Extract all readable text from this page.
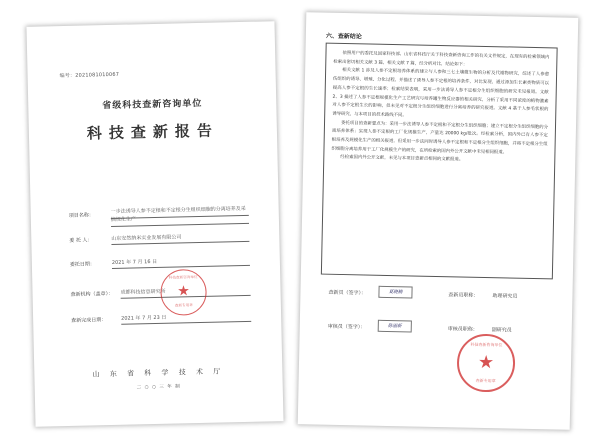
编号：2021081010067
省级科技查新咨询单位
科技查新报告
项目名称：
一步法诱导人参不定根和不定根分生组织细胞的分离培养及采摘规化生产
委 托 人：	山东安然纳米实业发展有限公司
委托日期：	2021 年 7 月 16 日
查新机构（盖章）： 成都科技信息研究所
查新完成日期：	2021 年 7 月 23 日
科技查新咨询单位
★
查新专用章
山 东 省 科 学 技 术 厅
二 ○ ○ 三 年 制
六、查新结论

依照用户的委托及国家科技部、山东省科技厅关于科技查新咨询工作的有关文件规定，在现有的检索领域内检索出密切相关文献 3 篇，相关文献 7 篇，经分析对比，结论如下：

相关文献 1 涉及人参不定根培养体系的建立与人参和三七土壤微生物的分析及代谢物研究，综述了人参愈伤组织的诱导、增殖、分化过程，并描述了诱导人参不定根的培养条件，对比发现，通过添加生长素类物质可以提高人参不定根的生长速率；检索结果表明，采用一步法诱导人参不定根分生组织细胞的研究未见报道。文献 2、3 描述了人参不定根规模化生产工艺研究与培养罐生物反应器的相关研究，分析了采用不同浓度的植物激素对人参不定根生长的影响，但未见对不定根分生组织细胞进行分离培养的研究报道。文献 4 基于人参毛状根的诱导研究，与本项目的技术路线不同。

委托项目的查新要点为：采用一步法诱导人参不定根和不定根分生组织细胞；建立不定根分生组织细胞的分离培养体系；实现人参不定根的工厂化规模生产，产量达 20000 kg/批次。经检索分析，国内外已有人参不定根培养及规模化生产的相关报道，但采用一步法同时诱导人参不定根和不定根分生组织细胞，并将不定根分生组织细胞分离培养用于工厂化规模生产的研究，在所检索的国内外公开文献中未见相同报道。

经检索国内外公开文献，未见与本项目查新点相同的文献报道。

查新员（签字）：	夏晓楠	查新员职称：	助理研究员
审核员（签字）：	陈丽新	审核员职称：	副研究员
科技查新咨询单位
★
查新专用章
